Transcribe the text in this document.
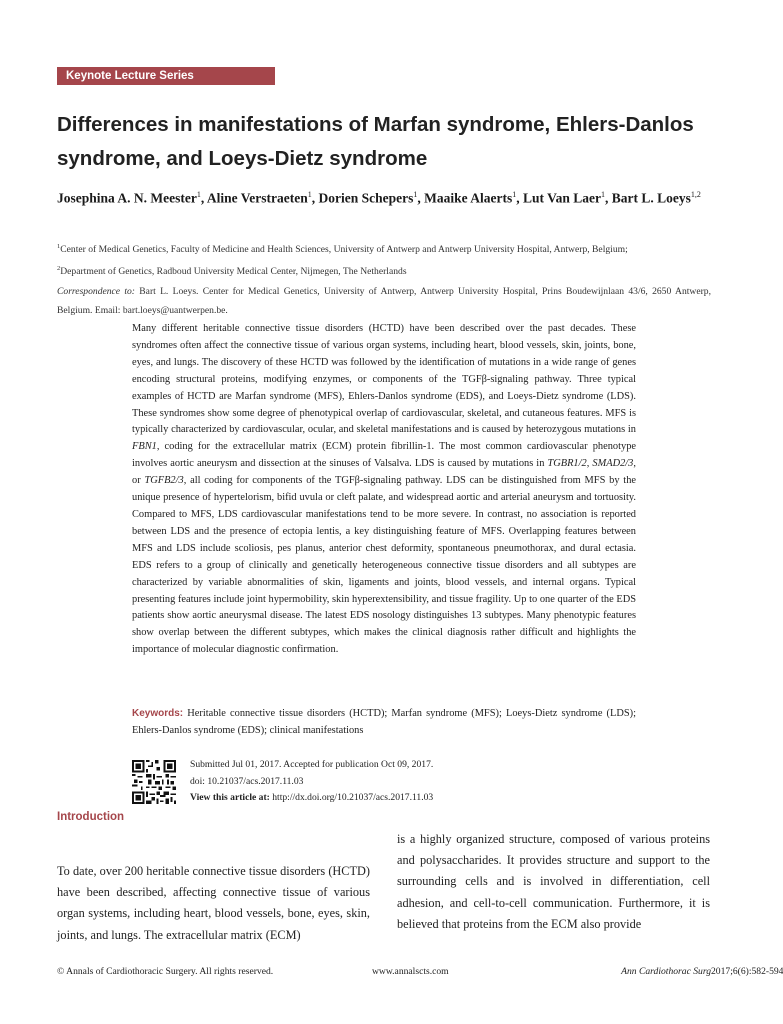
Keynote Lecture Series
Differences in manifestations of Marfan syndrome, Ehlers-Danlos syndrome, and Loeys-Dietz syndrome

Josephina A. N. Meester$^1$, Aline Verstraeten$^1$, Dorien Schepers$^1$, Maaike Alaerts$^1$, Lut Van Laer$^1$, Bart L. Loeys$^{1,2}$

$^1$Center of Medical Genetics, Faculty of Medicine and Health Sciences, University of Antwerp and Antwerp University Hospital, Antwerp, Belgium;
$^2$Department of Genetics, Radboud University Medical Center, Nijmegen, The Netherlands
Correspondence to: Bart L. Loeys. Center for Medical Genetics, University of Antwerp, Antwerp University Hospital, Prins Boudewijnlaan 43/6, 2650 Antwerp, Belgium. Email: bart.loeys@uantwerpen.be.

Many different heritable connective tissue disorders (HCTD) have been described over the past decades. These syndromes often affect the connective tissue of various organ systems, including heart, blood vessels, skin, joints, bone, eyes, and lungs. The discovery of these HCTD was followed by the identification of mutations in a wide range of genes encoding structural proteins, modifying enzymes, or components of the TGFβ-signaling pathway. Three typical examples of HCTD are Marfan syndrome (MFS), Ehlers-Danlos syndrome (EDS), and Loeys-Dietz syndrome (LDS). These syndromes show some degree of phenotypical overlap of cardiovascular, skeletal, and cutaneous features. MFS is typically characterized by cardiovascular, ocular, and skeletal manifestations and is caused by heterozygous mutations in FBN1, coding for the extracellular matrix (ECM) protein fibrillin-1. The most common cardiovascular phenotype involves aortic aneurysm and dissection at the sinuses of Valsalva. LDS is caused by mutations in TGBR1/2, SMAD2/3, or TGFB2/3, all coding for components of the TGFβ-signaling pathway. LDS can be distinguished from MFS by the unique presence of hypertelorism, bifid uvula or cleft palate, and widespread aortic and arterial aneurysm and tortuosity. Compared to MFS, LDS cardiovascular manifestations tend to be more severe. In contrast, no association is reported between LDS and the presence of ectopia lentis, a key distinguishing feature of MFS. Overlapping features between MFS and LDS include scoliosis, pes planus, anterior chest deformity, spontaneous pneumothorax, and dural ectasia. EDS refers to a group of clinically and genetically heterogeneous connective tissue disorders and all subtypes are characterized by variable abnormalities of skin, ligaments and joints, blood vessels, and internal organs. Typical presenting features include joint hypermobility, skin hyperextensibility, and tissue fragility. Up to one quarter of the EDS patients show aortic aneurysmal disease. The latest EDS nosology distinguishes 13 subtypes. Many phenotypic features show overlap between the different subtypes, which makes the clinical diagnosis rather difficult and highlights the importance of molecular diagnostic confirmation.

Keywords: Heritable connective tissue disorders (HCTD); Marfan syndrome (MFS); Loeys-Dietz syndrome (LDS); Ehlers-Danlos syndrome (EDS); clinical manifestations

Submitted Jul 01, 2017. Accepted for publication Oct 09, 2017.
doi: 10.21037/acs.2017.11.03
View this article at: http://dx.doi.org/10.21037/acs.2017.11.03
Introduction

To date, over 200 heritable connective tissue disorders (HCTD) have been described, affecting connective tissue of various organ systems, including heart, blood vessels, bone, eyes, skin, joints, and lungs. The extracellular matrix (ECM)

is a highly organized structure, composed of various proteins and polysaccharides. It provides structure and support to the surrounding cells and is involved in differentiation, cell adhesion, and cell-to-cell communication. Furthermore, it is believed that proteins from the ECM also provide

© Annals of Cardiothoracic Surgery. All rights reserved.	www.annalscts.com	Ann Cardiothorac Surg 2017;6(6):582-594
